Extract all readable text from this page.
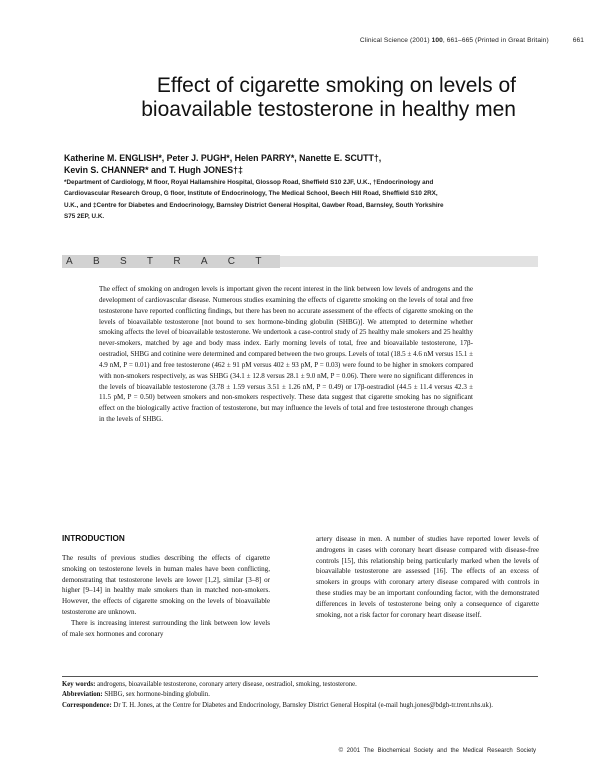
Clinical Science (2001) 100, 661–665 (Printed in Great Britain)	661
Effect of cigarette smoking on levels of
bioavailable testosterone in healthy men
Katherine M. ENGLISH*, Peter J. PUGH*, Helen PARRY*, Nanette E. SCUTT†,
Kevin S. CHANNER* and T. Hugh JONES†‡
*Department of Cardiology, M floor, Royal Hallamshire Hospital, Glossop Road, Sheffield S10 2JF, U.K., †Endocrinology and
Cardiovascular Research Group, G floor, Institute of Endocrinology, The Medical School, Beech Hill Road, Sheffield S10 2RX,
U.K., and ‡Centre for Diabetes and Endocrinology, Barnsley District General Hospital, Gawber Road, Barnsley, South Yorkshire
S75 2EP, U.K.
ABSTRACT

The effect of smoking on androgen levels is important given the recent interest in the link between low levels of androgens and the development of cardiovascular disease. Numerous studies examining the effects of cigarette smoking on the levels of total and free testosterone have reported conflicting findings, but there has been no accurate assessment of the effects of cigarette smoking on the levels of bioavailable testosterone [not bound to sex hormone-binding globulin (SHBG)]. We attempted to determine whether smoking affects the level of bioavailable testosterone. We undertook a case-control study of 25 healthy male smokers and 25 healthy never-smokers, matched by age and body mass index. Early morning levels of total, free and bioavailable testosterone, 17β-oestradiol, SHBG and cotinine were determined and compared between the two groups. Levels of total (18.5 ± 4.6 nM versus 15.1 ± 4.9 nM, P = 0.01) and free testosterone (462 ± 91 pM versus 402 ± 93 pM, P = 0.03) were found to be higher in smokers compared with non-smokers respectively, as was SHBG (34.1 ± 12.8 versus 28.1 ± 9.0 nM, P = 0.06). There were no significant differences in the levels of bioavailable testosterone (3.78 ± 1.59 versus 3.51 ± 1.26 nM, P = 0.49) or 17β-oestradiol (44.5 ± 11.4 versus 42.3 ± 11.5 pM, P = 0.50) between smokers and non-smokers respectively. These data suggest that cigarette smoking has no significant effect on the biologically active fraction of testosterone, but may influence the levels of total and free testosterone through changes in the levels of SHBG.

INTRODUCTION

The results of previous studies describing the effects of cigarette smoking on testosterone levels in human males have been conflicting, demonstrating that testosterone levels are lower [1,2], similar [3–8] or higher [9–14] in healthy male smokers than in matched non-smokers. However, the effects of cigarette smoking on the levels of bioavailable testosterone are unknown.

There is increasing interest surrounding the link between low levels of male sex hormones and coronary

artery disease in men. A number of studies have reported lower levels of androgens in cases with coronary heart disease compared with disease-free controls [15], this relationship being particularly marked when the levels of bioavailable testosterone are assessed [16]. The effects of an excess of smokers in groups with coronary artery disease compared with controls in these studies may be an important confounding factor, with the demonstrated differences in levels of testosterone being only a consequence of cigarette smoking, not a risk factor for coronary heart disease itself.

Key words: androgens, bioavailable testosterone, coronary artery disease, oestradiol, smoking, testosterone.

Abbreviation: SHBG, sex hormone-binding globulin.

Correspondence: Dr T. H. Jones, at the Centre for Diabetes and Endocrinology, Barnsley District General Hospital (e-mail hugh.jones@bdgh-tr.trent.nhs.uk).

© 2001 The Biochemical Society and the Medical Research Society
